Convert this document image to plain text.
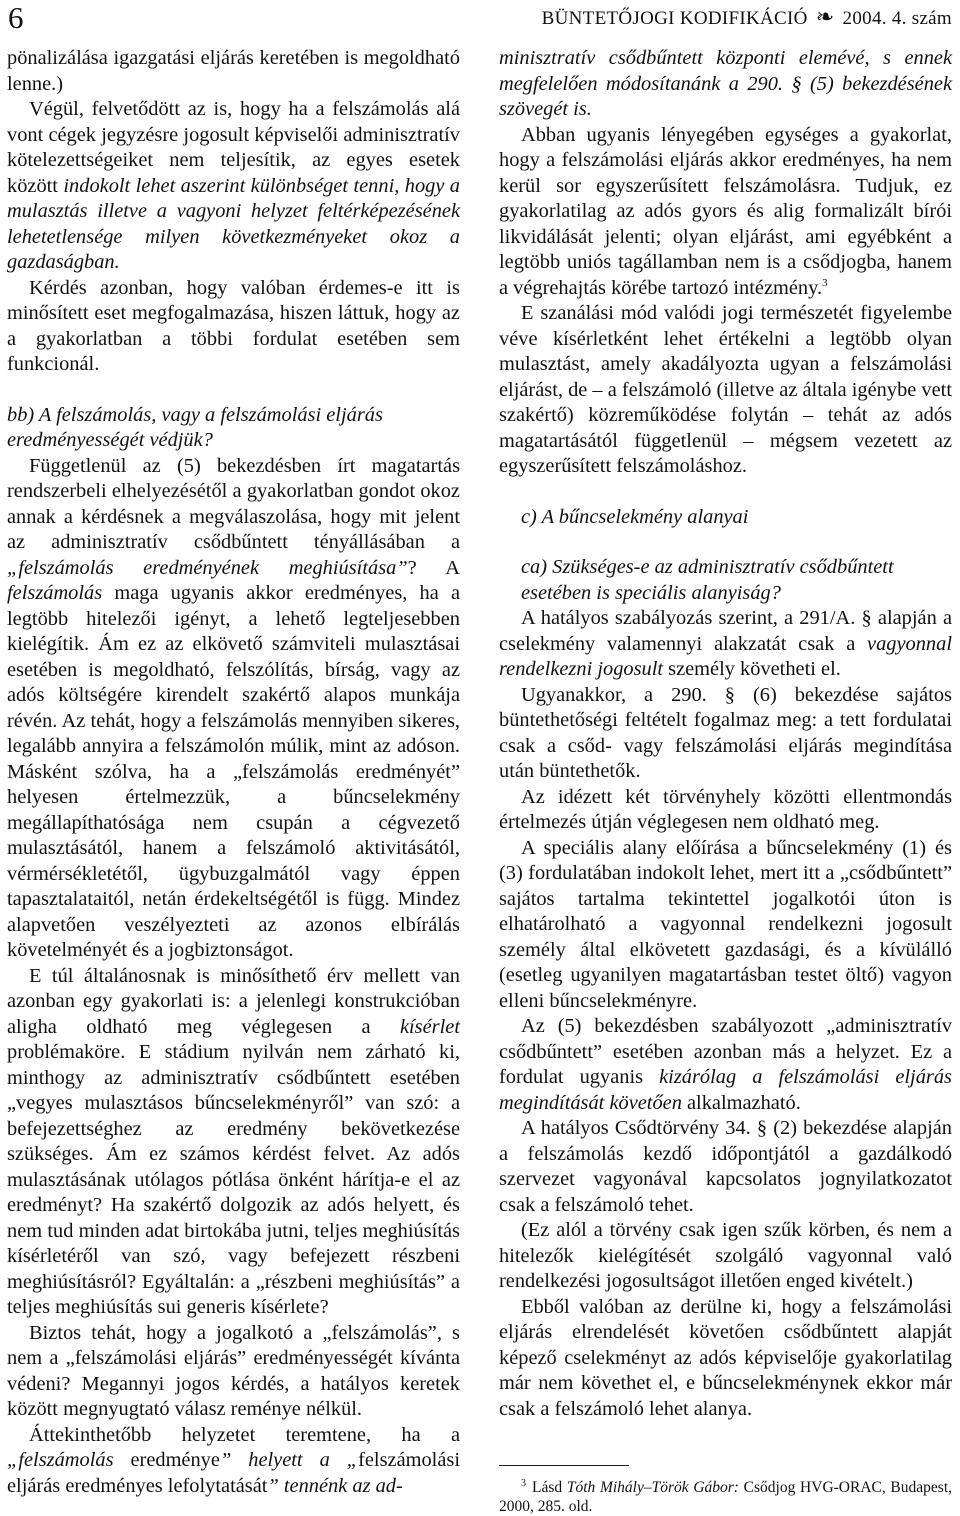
6	BÜNTETŐJOGI KODIFIKÁCIÓ ❧ 2004. 4. szám

pönalizálása igazgatási eljárás keretében is megoldható lenne.)

Végül, felvetődött az is, hogy ha a felszámolás alá vont cégek jegyzésre jogosult képviselői adminisztratív kötelezettségeiket nem teljesítik, az egyes esetek között indokolt lehet aszerint különbséget tenni, hogy a mulasztás illetve a vagyoni helyzet feltérképezésének lehetetlensége milyen következményeket okoz a gazdaságban.

Kérdés azonban, hogy valóban érdemes-e itt is minősített eset megfogalmazása, hiszen láttuk, hogy az a gyakorlatban a többi fordulat esetében sem funkcionál.

bb) A felszámolás, vagy a felszámolási eljárás eredményességét védjük?

Függetlenül az (5) bekezdésben írt magatartás rendszerbeli elhelyezésétől a gyakorlatban gondot okoz annak a kérdésnek a megválaszolása, hogy mit jelent az adminisztratív csődbűntett tényállásában a „felszámolás eredményének meghiúsítása”? A felszámolás maga ugyanis akkor eredményes, ha a legtöbb hitelezői igényt, a lehető legteljesebben kielégítik. Ám ez az elkövető számviteli mulasztásai esetében is megoldható, felszólítás, bírság, vagy az adós költségére kirendelt szakértő alapos munkája révén. Az tehát, hogy a felszámolás mennyiben sikeres, legalább annyira a felszámolón múlik, mint az adóson. Másként szólva, ha a „felszámolás eredményét” helyesen értelmezzük, a bűncselekmény megállapíthatósága nem csupán a cégvezető mulasztásától, hanem a felszámoló aktivitásától, vérmérsékletétől, ügybuzgalmától vagy éppen tapasztalataitól, netán érdekeltségétől is függ. Mindez alapvetően veszélyezteti az azonos elbírálás követelményét és a jogbiztonságot.

E túl általánosnak is minősíthető érv mellett van azonban egy gyakorlati is: a jelenlegi konstrukcióban aligha oldható meg véglegesen a kísérlet problémaköre. E stádium nyilván nem zárható ki, minthogy az adminisztratív csődbűntett esetében „vegyes mulasztásos bűncselekményről” van szó: a befejezettséghez az eredmény bekövetkezése szükséges. Ám ez számos kérdést felvet. Az adós mulasztásának utólagos pótlása önként hárítja-e el az eredményt? Ha szakértő dolgozik az adós helyett, és nem tud minden adat birtokába jutni, teljes meghiúsítás kísérletéről van szó, vagy befejezett részbeni meghiúsításról? Egyáltalán: a „részbeni meghiúsítás” a teljes meghiúsítás sui generis kísérlete?

Biztos tehát, hogy a jogalkotó a „felszámolás”, s nem a „felszámolási eljárás” eredményességét kívánta védeni? Megannyi jogos kérdés, a hatályos keretek között megnyugtató válasz reménye nélkül.

Áttekinthetőbb helyzetet teremtene, ha a „felszámolás eredménye” helyett a „felszámolási eljárás eredményes lefolytatását” tennénk az ad-

minisztratív csődbűntett központi elemévé, s ennek megfelelően módosítanánk a 290. § (5) bekezdésének szövegét is.

Abban ugyanis lényegében egységes a gyakorlat, hogy a felszámolási eljárás akkor eredményes, ha nem kerül sor egyszerűsített felszámolásra. Tudjuk, ez gyakorlatilag az adós gyors és alig formalizált bírói likvidálását jelenti; olyan eljárást, ami egyébként a legtöbb uniós tagállamban nem is a csődjogba, hanem a végrehajtás körébe tartozó intézmény.$^3$

E szanálási mód valódi jogi természetét figyelembe véve kísérletként lehet értékelni a legtöbb olyan mulasztást, amely akadályozta ugyan a felszámolási eljárást, de – a felszámoló (illetve az általa igénybe vett szakértő) közreműködése folytán – tehát az adós magatartásától függetlenül – mégsem vezetett az egyszerűsített felszámoláshoz.

c) A bűncselekmény alanyai

ca) Szükséges-e az adminisztratív csődbűntett esetében is speciális alanyiság?

A hatályos szabályozás szerint, a 291/A. § alapján a cselekmény valamennyi alakzatát csak a vagyonnal rendelkezni jogosult személy követheti el.

Ugyanakkor, a 290. § (6) bekezdése sajátos büntethetőségi feltételt fogalmaz meg: a tett fordulatai csak a csőd- vagy felszámolási eljárás megindítása után büntethetők.

Az idézett két törvényhely közötti ellentmondás értelmezés útján véglegesen nem oldható meg.

A speciális alany előírása a bűncselekmény (1) és (3) fordulatában indokolt lehet, mert itt a „csődbűntett” sajátos tartalma tekintettel jogalkotói úton is elhatárolható a vagyonnal rendelkezni jogosult személy által elkövetett gazdasági, és a kívülálló (esetleg ugyanilyen magatartásban testet öltő) vagyon elleni bűncselekményre.

Az (5) bekezdésben szabályozott „adminisztratív csődbűntett” esetében azonban más a helyzet. Ez a fordulat ugyanis kizárólag a felszámolási eljárás megindítását követően alkalmazható.

A hatályos Csődtörvény 34. § (2) bekezdése alapján a felszámolás kezdő időpontjától a gazdálkodó szervezet vagyonával kapcsolatos jognyilatkozatot csak a felszámoló tehet.

(Ez alól a törvény csak igen szűk körben, és nem a hitelezők kielégítését szolgáló vagyonnal való rendelkezési jogosultságot illetően enged kivételt.)

Ebből valóban az derülne ki, hogy a felszámolási eljárás elrendelését követően csődbűntett alapját képező cselekményt az adós képviselője gyakorlatilag már nem követhet el, e bűncselekménynek ekkor már csak a felszámoló lehet alanya.

$^3$ Lásd Tóth Mihály–Török Gábor: Csődjog HVG-ORAC, Budapest, 2000, 285. old.
